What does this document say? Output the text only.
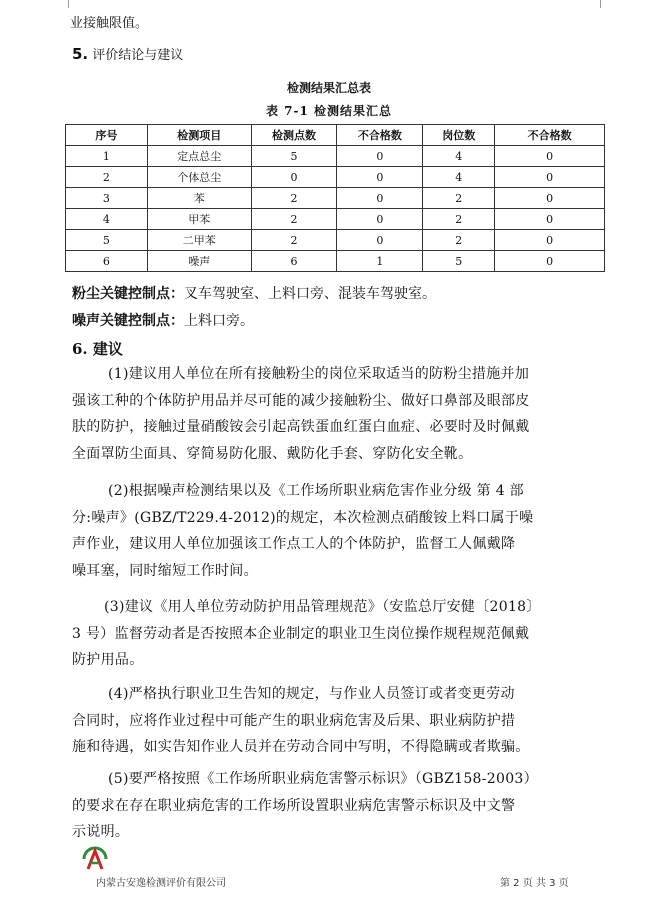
业接触限值。
5. 评价结论与建议
检测结果汇总表
表 7-1 检测结果汇总
序号	检测项目	检测点数	不合格数	岗位数	不合格数
1	定点总尘	5	0	4	0
2	个体总尘	0	0	4	0
3	苯	2	0	2	0
4	甲苯	2	0	2	0
5	二甲苯	2	0	2	0
6	噪声	6	1	5	0
粉尘关键控制点：叉车驾驶室、上料口旁、混装车驾驶室。
噪声关键控制点：上料口旁。
6. 建议
(1)建议用人单位在所有接触粉尘的岗位采取适当的防粉尘措施并加
强该工种的个体防护用品并尽可能的减少接触粉尘、做好口鼻部及眼部皮
肤的防护，接触过量硝酸铵会引起高铁蛋血红蛋白血症、必要时及时佩戴
全面罩防尘面具、穿简易防化服、戴防化手套、穿防化安全靴。
(2)根据噪声检测结果以及《工作场所职业病危害作业分级 第 4 部
分:噪声》(GBZ/T229.4-2012)的规定，本次检测点硝酸铵上料口属于噪
声作业，建议用人单位加强该工作点工人的个体防护，监督工人佩戴降
噪耳塞，同时缩短工作时间。
(3)建议《用人单位劳动防护用品管理规范》（安监总厅安健〔2018〕
3 号）监督劳动者是否按照本企业制定的职业卫生岗位操作规程规范佩戴
防护用品。
(4)严格执行职业卫生告知的规定，与作业人员签订或者变更劳动
合同时，应将作业过程中可能产生的职业病危害及后果、职业病防护措
施和待遇，如实告知作业人员并在劳动合同中写明，不得隐瞒或者欺骗。
(5)要严格按照《工作场所职业病危害警示标识》（GBZ158-2003）
的要求在存在职业病危害的工作场所设置职业病危害警示标识及中文警
示说明。
内蒙古安逸检测评价有限公司	第 2 页 共 3 页
